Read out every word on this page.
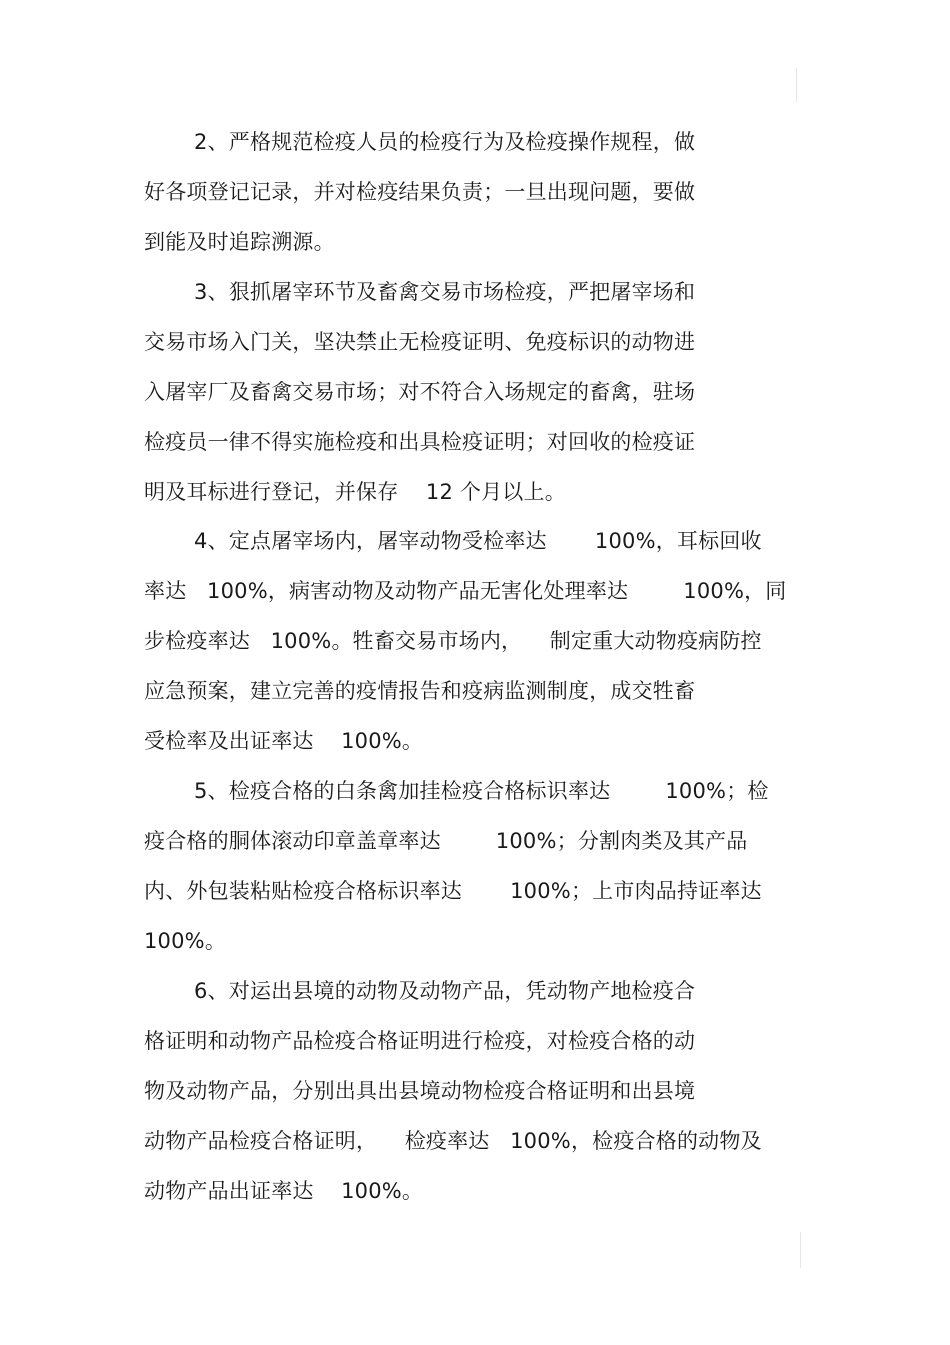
2、严格规范检疫人员的检疫行为及检疫操作规程，做
好各项登记记录，并对检疫结果负责；一旦出现问题，要做
到能及时追踪溯源。
3、狠抓屠宰环节及畜禽交易市场检疫，严把屠宰场和
交易市场入门关，坚决禁止无检疫证明、免疫标识的动物进
入屠宰厂及畜禽交易市场；对不符合入场规定的畜禽，驻场
检疫员一律不得实施检疫和出具检疫证明；对回收的检疫证
明及耳标进行登记，并保存    12 个月以上。
4、定点屠宰场内，屠宰动物受检率达       100%，耳标回收
率达   100%，病害动物及动物产品无害化处理率达        100%，同
步检疫率达   100%。牲畜交易市场内，    制定重大动物疫病防控
应急预案，建立完善的疫情报告和疫病监测制度，成交牲畜
受检率及出证率达    100%。
5、检疫合格的白条禽加挂检疫合格标识率达        100%；检
疫合格的胴体滚动印章盖章率达        100%；分割肉类及其产品
内、外包装粘贴检疫合格标识率达       100%；上市肉品持证率达
100%。
6、对运出县境的动物及动物产品，凭动物产地检疫合
格证明和动物产品检疫合格证明进行检疫，对检疫合格的动
物及动物产品，分别出具出县境动物检疫合格证明和出县境
动物产品检疫合格证明，    检疫率达   100%，检疫合格的动物及
动物产品出证率达    100%。
